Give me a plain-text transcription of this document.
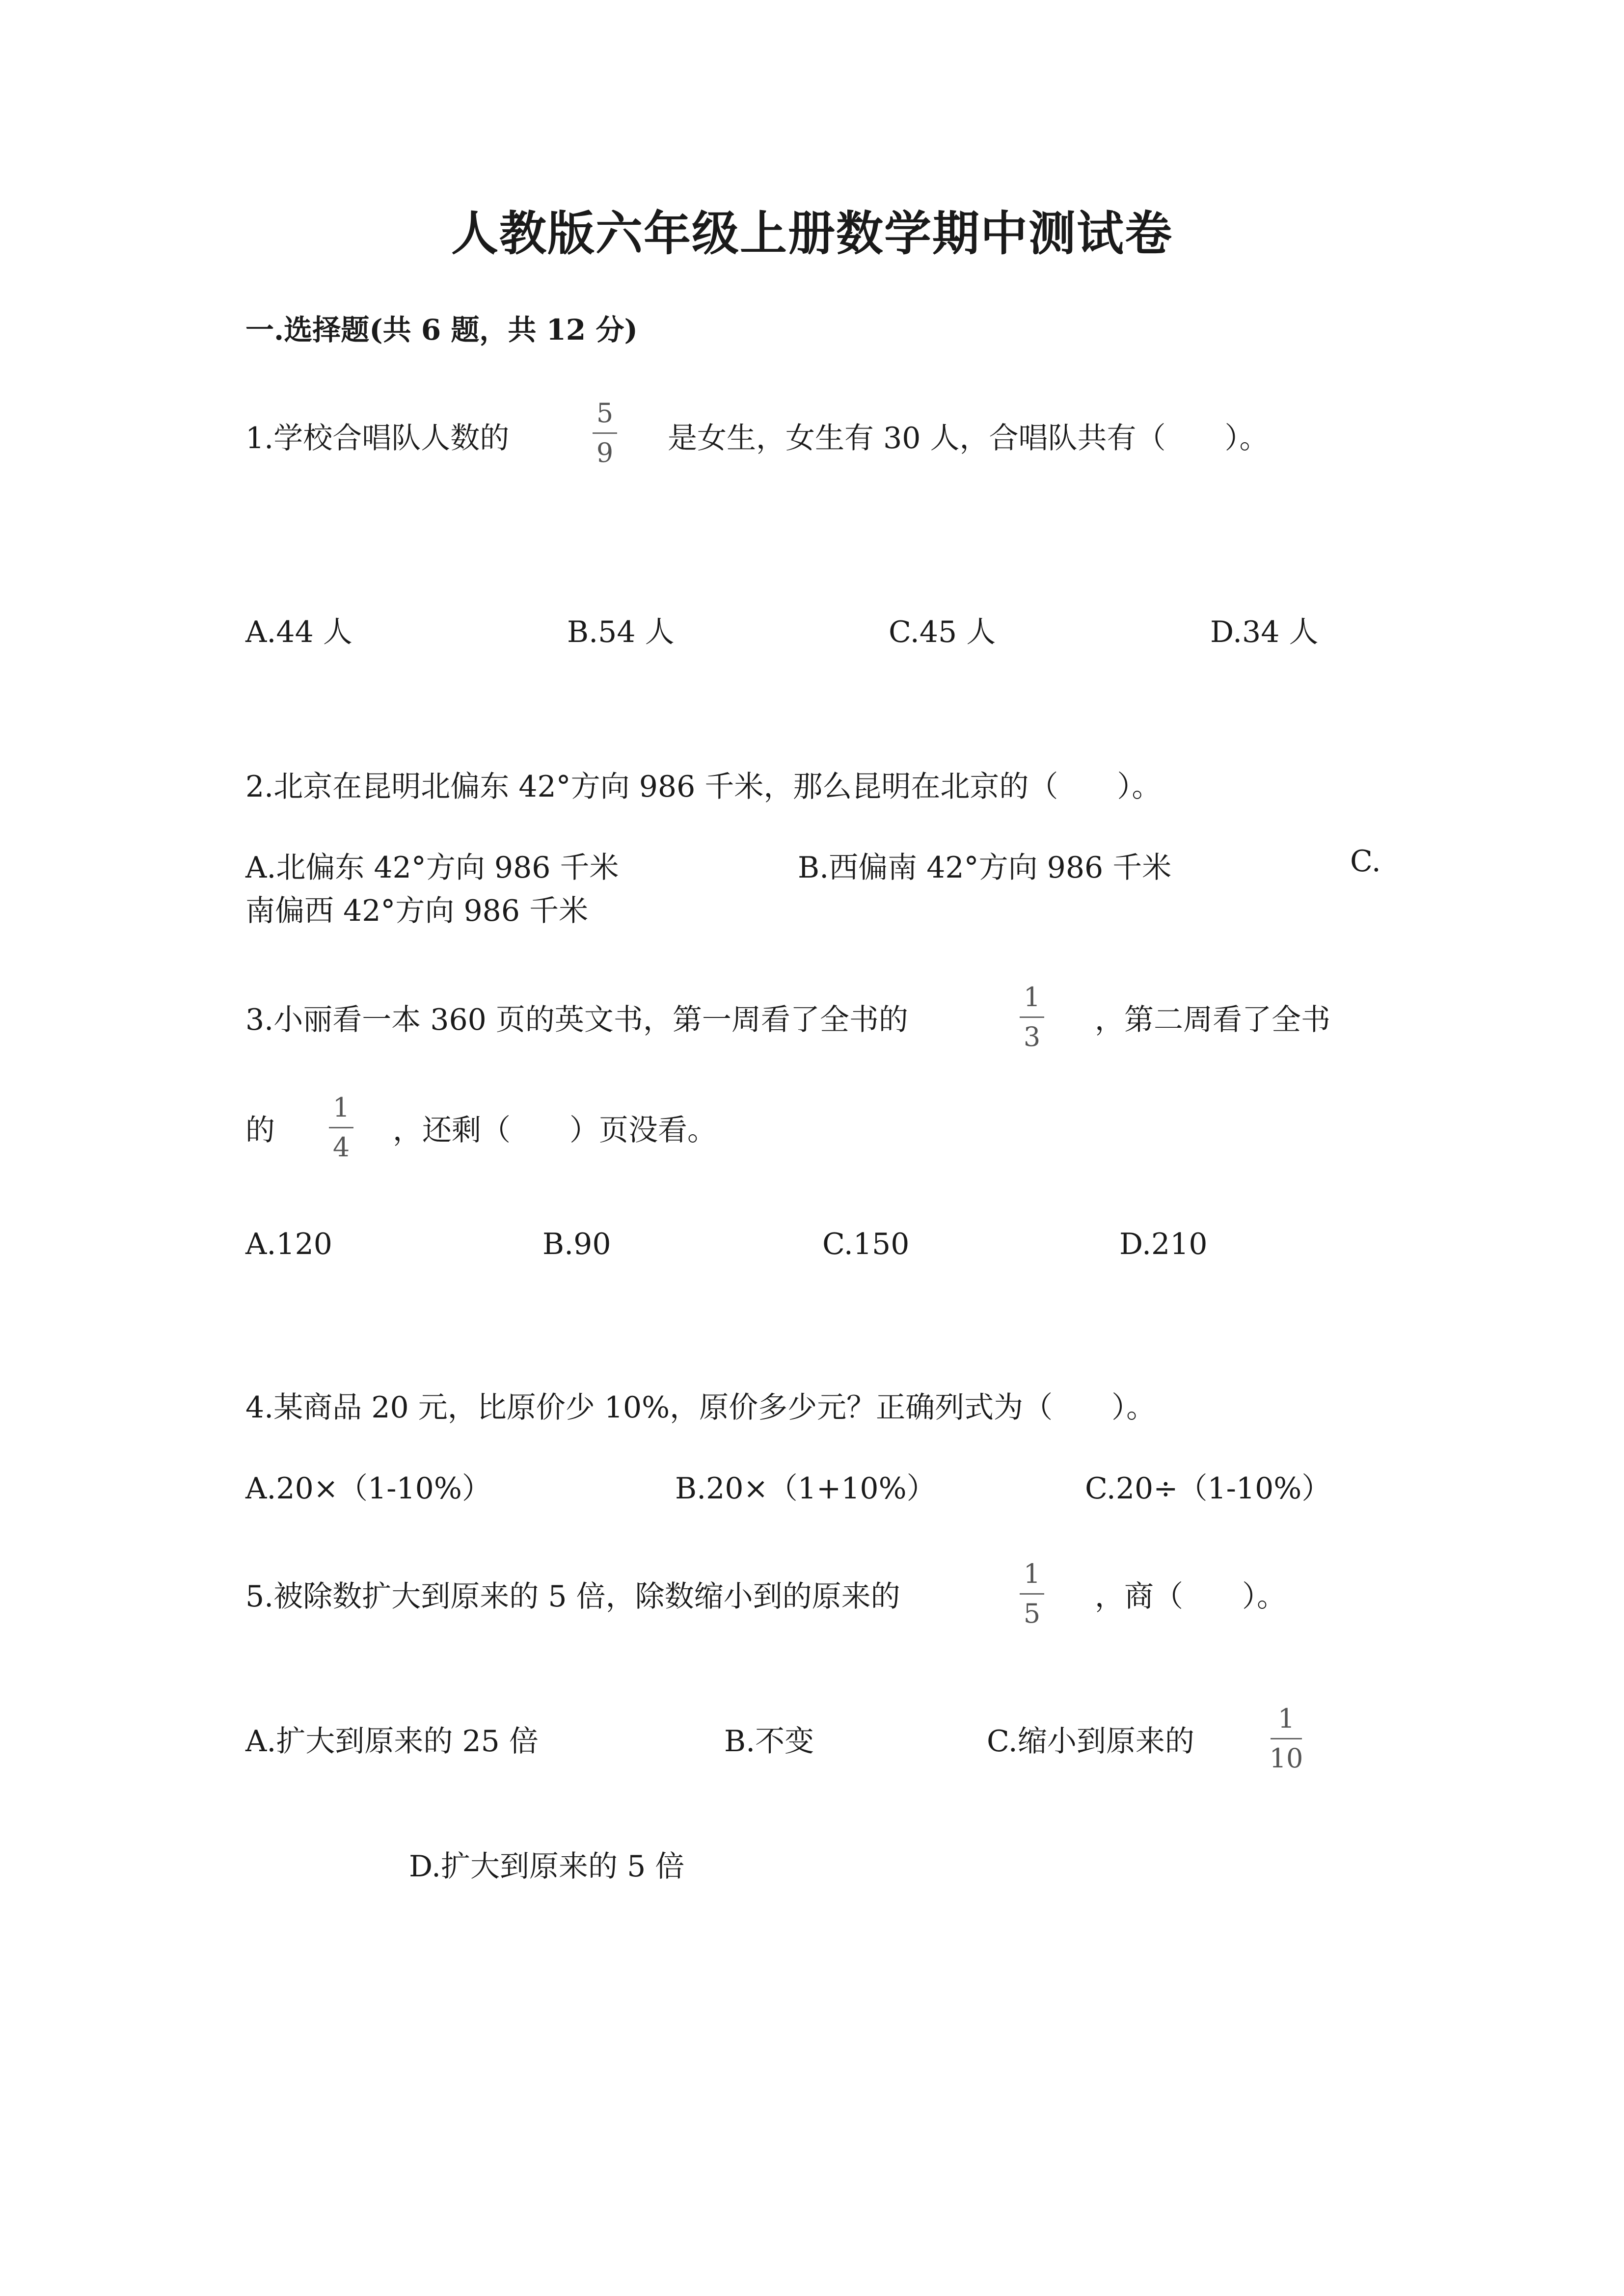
人教版六年级上册数学期中测试卷
一.选择题(共 6 题，共 12 分)
1.学校合唱队人数的
5
9 是女生，女生有 30 人，合唱队共有（　　）。
A.44 人	B.54 人	C.45 人	D.34 人
2.北京在昆明北偏东 42°方向 986 千米，那么昆明在北京的（　　）。
A.北偏东 42°方向 986 千米	B.西偏南 42°方向 986 千米	C.
南偏西 42°方向 986 千米
3.小丽看一本 360 页的英文书，第一周看了全书的
1
3 ，第二周看了全书
的
1
4 ，还剩（　　）页没看。
A.120	B.90	C.150	D.210
4.某商品 20 元，比原价少 10%，原价多少元？正确列式为（　　）。
A.20×（1-10%）	B.20×（1+10%）	C.20÷（1-10%）
5.被除数扩大到原来的 5 倍，除数缩小到的原来的
1
5 ，商（　　）。
A.扩大到原来的 25 倍	B.不变	C.缩小到原来的
1
10
D.扩大到原来的 5 倍
